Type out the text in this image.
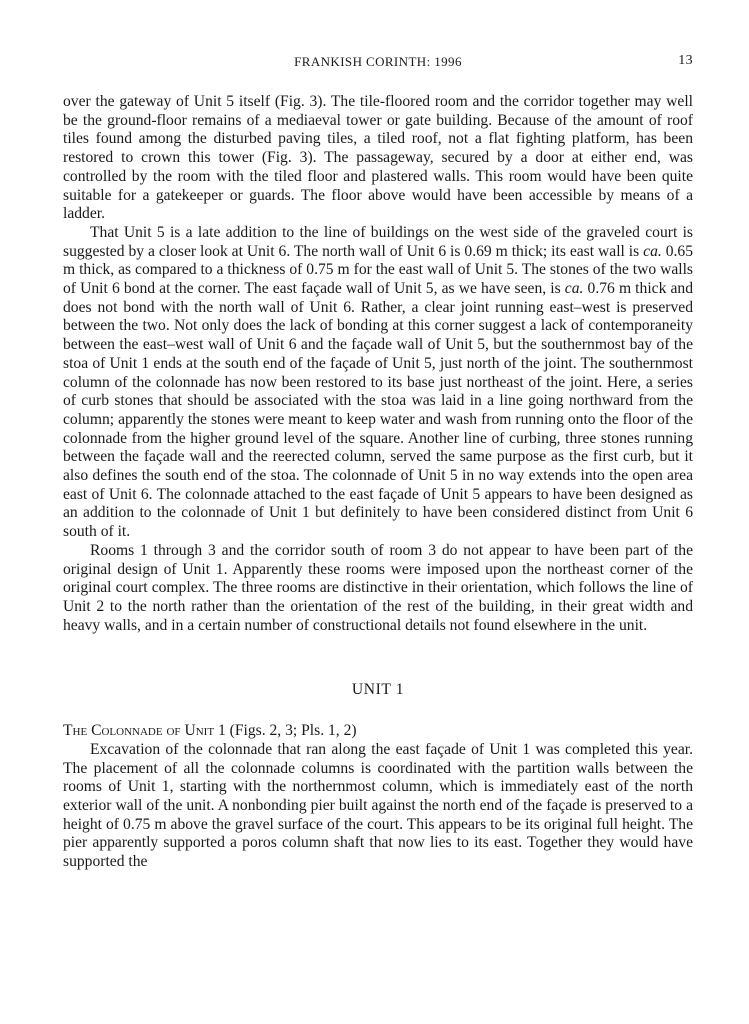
FRANKISH CORINTH: 1996	13

over the gateway of Unit 5 itself (Fig. 3). The tile-floored room and the corridor together may well be the ground-floor remains of a mediaeval tower or gate building. Because of the amount of roof tiles found among the disturbed paving tiles, a tiled roof, not a flat fighting platform, has been restored to crown this tower (Fig. 3). The passageway, secured by a door at either end, was controlled by the room with the tiled floor and plastered walls. This room would have been quite suitable for a gatekeeper or guards. The floor above would have been accessible by means of a ladder.

That Unit 5 is a late addition to the line of buildings on the west side of the graveled court is suggested by a closer look at Unit 6. The north wall of Unit 6 is 0.69 m thick; its east wall is ca. 0.65 m thick, as compared to a thickness of 0.75 m for the east wall of Unit 5. The stones of the two walls of Unit 6 bond at the corner. The east façade wall of Unit 5, as we have seen, is ca. 0.76 m thick and does not bond with the north wall of Unit 6. Rather, a clear joint running east–west is preserved between the two. Not only does the lack of bonding at this corner suggest a lack of contemporaneity between the east–west wall of Unit 6 and the façade wall of Unit 5, but the southernmost bay of the stoa of Unit 1 ends at the south end of the façade of Unit 5, just north of the joint. The southernmost column of the colonnade has now been restored to its base just northeast of the joint. Here, a series of curb stones that should be associated with the stoa was laid in a line going northward from the column; apparently the stones were meant to keep water and wash from running onto the floor of the colonnade from the higher ground level of the square. Another line of curbing, three stones running between the façade wall and the reerected column, served the same purpose as the first curb, but it also defines the south end of the stoa. The colonnade of Unit 5 in no way extends into the open area east of Unit 6. The colonnade attached to the east façade of Unit 5 appears to have been designed as an addition to the colonnade of Unit 1 but definitely to have been considered distinct from Unit 6 south of it.

Rooms 1 through 3 and the corridor south of room 3 do not appear to have been part of the original design of Unit 1. Apparently these rooms were imposed upon the northeast corner of the original court complex. The three rooms are distinctive in their orientation, which follows the line of Unit 2 to the north rather than the orientation of the rest of the building, in their great width and heavy walls, and in a certain number of constructional details not found elsewhere in the unit.

UNIT 1

The Colonnade of Unit 1 (Figs. 2, 3; Pls. 1, 2)

Excavation of the colonnade that ran along the east façade of Unit 1 was completed this year. The placement of all the colonnade columns is coordinated with the partition walls between the rooms of Unit 1, starting with the northernmost column, which is immediately east of the north exterior wall of the unit. A nonbonding pier built against the north end of the façade is preserved to a height of 0.75 m above the gravel surface of the court. This appears to be its original full height. The pier apparently supported a poros column shaft that now lies to its east. Together they would have supported the
